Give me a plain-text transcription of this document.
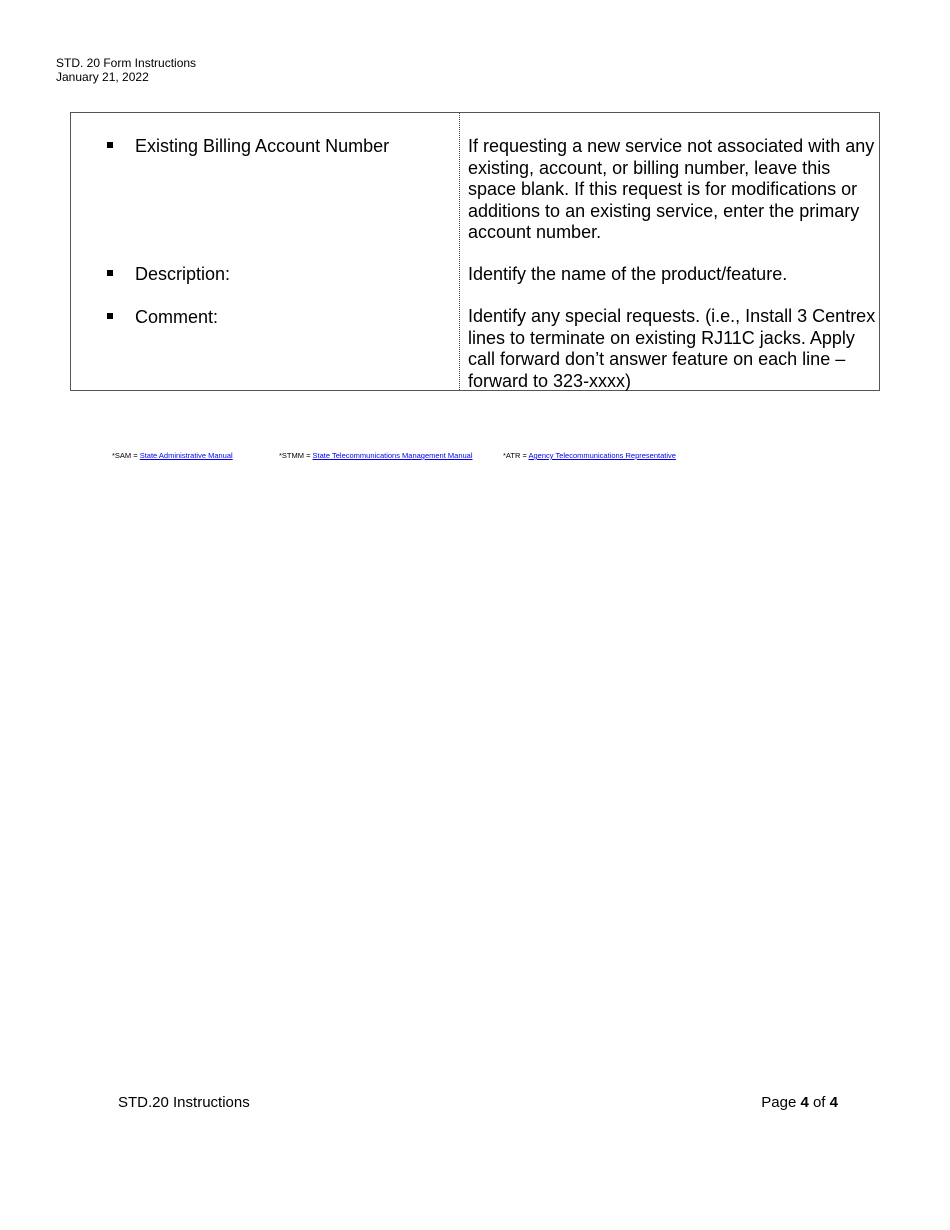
STD. 20 Form Instructions
January 21, 2022
Existing Billing Account Number	If requesting a new service not associated with any existing, account, or billing number, leave this space blank. If this request is for modifications or additions to an existing service, enter the primary account number.
Description:	Identify the name of the product/feature.
Comment:	Identify any special requests. (i.e., Install 3 Centrex lines to terminate on existing RJ11C jacks. Apply call forward don’t answer feature on each line – forward to 323-xxxx)
*SAM = State Administrative Manual	*STMM = State Telecommunications Management Manual	*ATR = Agency Telecommunications Representative
STD.20 Instructions	Page 4 of 4
